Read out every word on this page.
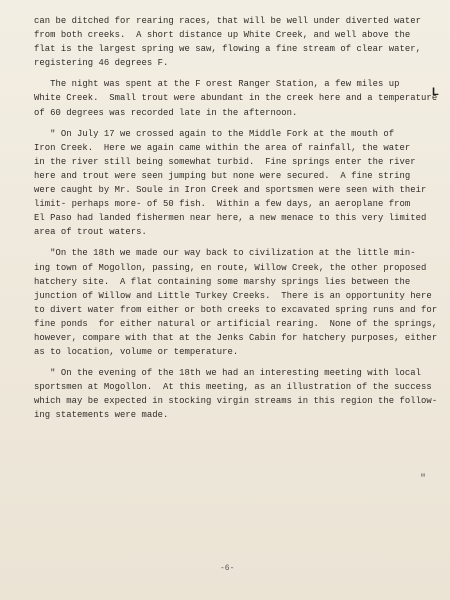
can be ditched for rearing races, that will be well under diverted water
from both creeks.  A short distance up White Creek, and well above the
flat is the largest spring we saw, flowing a fine stream of clear water,
registering 46 degrees F.
The night was spent at the F orest Ranger Station, a few miles up
White Creek.  Small trout were abundant in the creek here and a temperature
of 60 degrees was recorded late in the afternoon.
" On July 17 we crossed again to the Middle Fork at the mouth of
Iron Creek.  Here we again came within the area of rainfall, the water
in the river still being somewhat turbid.  Fine springs enter the river
here and trout were seen jumping but none were secured.  A fine string
were caught by Mr. Soule in Iron Creek and sportsmen were seen with their
limit- perhaps more- of 50 fish.  Within a few days, an aeroplane from
El Paso had landed fishermen near here, a new menace to this very limited
area of trout waters.
"On the 18th we made our way back to civilization at the little min-
ing town of Mogollon, passing, en route, Willow Creek, the other proposed
hatchery site.  A flat containing some marshy springs lies between the
junction of Willow and Little Turkey Creeks.  There is an opportunity here
to divert water from either or both creeks to excavated spring runs and for
fine ponds  for either natural or artificial rearing.  None of the springs,
however, compare with that at the Jenks Cabin for hatchery purposes, either
as to location, volume or temperature.
" On the evening of the 18th we had an interesting meeting with local
sportsmen at Mogollon.  At this meeting, as an illustration of the success
which may be expected in stocking virgin streams in this region the follow-
ing statements were made.
L
"
-6-
